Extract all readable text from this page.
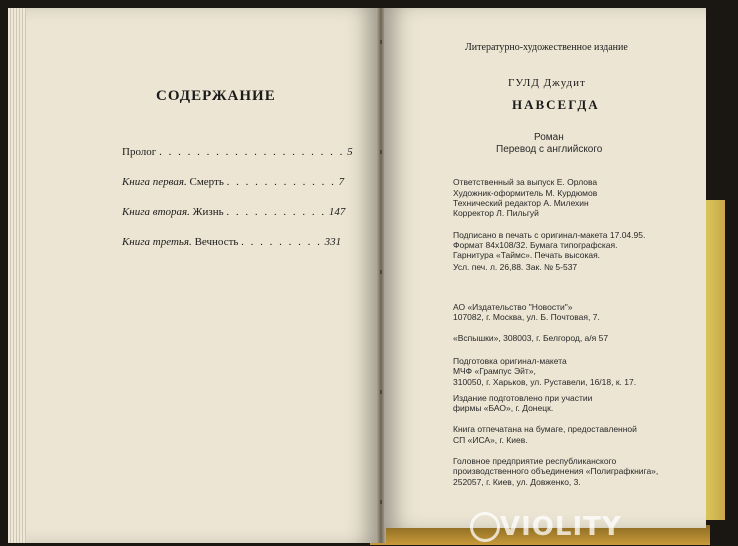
СОДЕРЖАНИЕ
Пролог . . . . . . . . . . . . . . . . . . . . 5
Книга первая. Смерть . . . . . . . . . . . . 7
Книга вторая. Жизнь . . . . . . . . . . . 147
Книга третья. Вечность . . . . . . . . . 331
Литературно-художественное издание
ГУЛД Джудит
НАВСЕГДА
Роман
Перевод с английского
Ответственный за выпуск Е. Орлова
Художник-оформитель М. Курдюмов
Технический редактор А. Милехин
Корректор Л. Пильгуй
Подписано в печать с оригинал-макета 17.04.95.
Формат 84х108/32. Бумага типографская.
Гарнитура «Таймс». Печать высокая.
Усл. печ. л. 26,88. Зак. № 5-537
АО «Издательство "Новости"»
107082, г. Москва, ул. Б. Почтовая, 7.
«Вспышки», 308003, г. Белгород, а/я 57
Подготовка оригинал-макета
МЧФ «Грампус Эйт»,
310050, г. Харьков, ул. Руставели, 16/18, к. 17.
Издание подготовлено при участии
фирмы «БАО», г. Донецк.
Книга отпечатана на бумаге, предоставленной
СП «ИСА», г. Киев.
Головное предприятие республиканского
производственного объединения «Полиграфкнига»,
252057, г. Киев, ул. Довженко, 3.
VIOLITY
